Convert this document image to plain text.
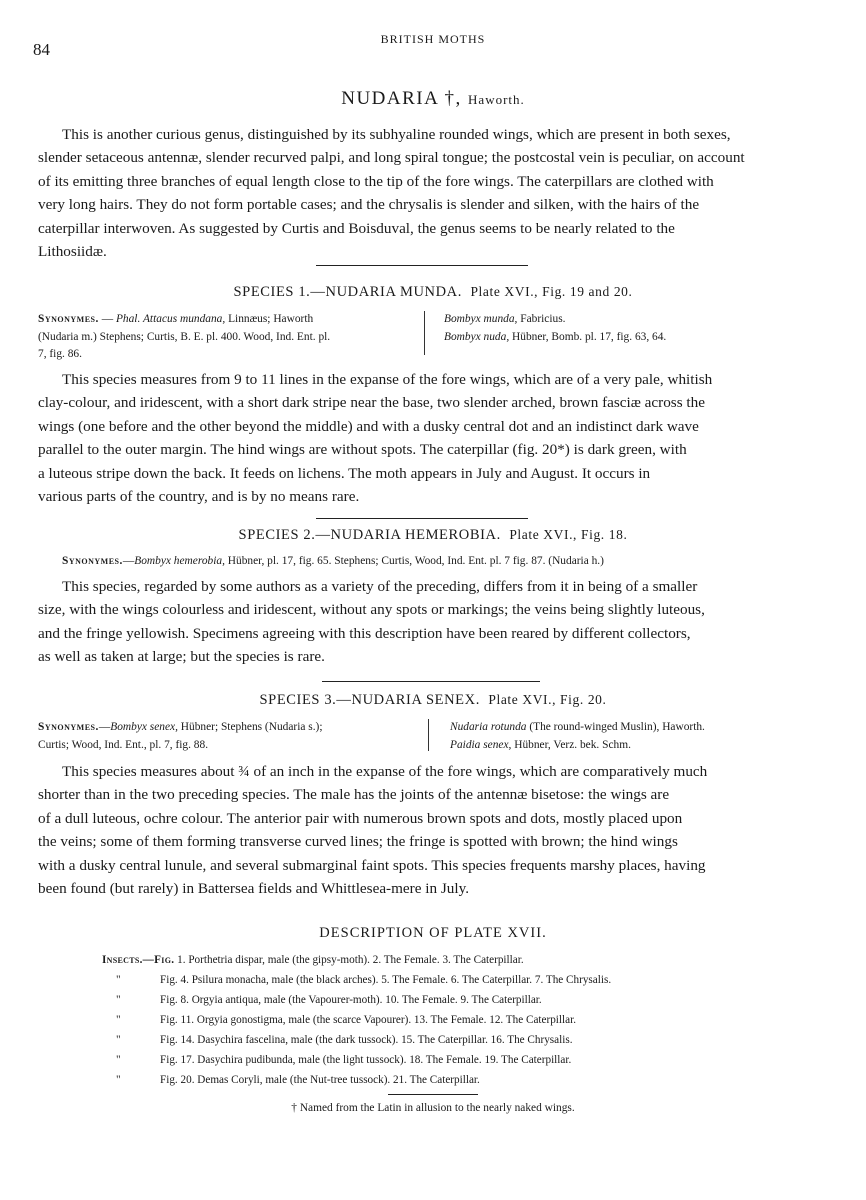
84
BRITISH MOTHS
NUDARIA †, Haworth.
This is another curious genus, distinguished by its subhyaline rounded wings, which are present in both sexes,
slender setaceous antennæ, slender recurved palpi, and long spiral tongue; the postcostal vein is peculiar, on account
of its emitting three branches of equal length close to the tip of the fore wings. The caterpillars are clothed with
very long hairs. They do not form portable cases; and the chrysalis is slender and silken, with the hairs of the
caterpillar interwoven. As suggested by Curtis and Boisduval, the genus seems to be nearly related to the
Lithosiidæ.
SPECIES 1.—NUDARIA MUNDA. Plate XVI., Fig. 19 and 20.
Synonymes. — Phal. Attacus mundana, Linnæus; Haworth
(Nudaria m.) Stephens; Curtis, B. E. pl. 400. Wood, Ind. Ent. pl.
7, fig. 86.
Bombyx munda, Fabricius.
Bombyx nuda, Hübner, Bomb. pl. 17, fig. 63, 64.
This species measures from 9 to 11 lines in the expanse of the fore wings, which are of a very pale, whitish
clay-colour, and iridescent, with a short dark stripe near the base, two slender arched, brown fasciæ across the
wings (one before and the other beyond the middle) and with a dusky central dot and an indistinct dark wave
parallel to the outer margin. The hind wings are without spots. The caterpillar (fig. 20*) is dark green, with
a luteous stripe down the back. It feeds on lichens. The moth appears in July and August. It occurs in
various parts of the country, and is by no means rare.
SPECIES 2.—NUDARIA HEMEROBIA. Plate XVI., Fig. 18.
Synonymes.—Bombyx hemerobia, Hübner, pl. 17, fig. 65. Stephens; Curtis, Wood, Ind. Ent. pl. 7 fig. 87. (Nudaria h.)
This species, regarded by some authors as a variety of the preceding, differs from it in being of a smaller
size, with the wings colourless and iridescent, without any spots or markings; the veins being slightly luteous,
and the fringe yellowish. Specimens agreeing with this description have been reared by different collectors,
as well as taken at large; but the species is rare.
SPECIES 3.—NUDARIA SENEX. Plate XVI., Fig. 20.
Synonymes.—Bombyx senex, Hübner; Stephens (Nudaria s.);
Curtis; Wood, Ind. Ent., pl. 7, fig. 88.
Nudaria rotunda (The round-winged Muslin), Haworth.
Paidia senex, Hübner, Verz. bek. Schm.
This species measures about ¾ of an inch in the expanse of the fore wings, which are comparatively much
shorter than in the two preceding species. The male has the joints of the antennæ bisetose: the wings are
of a dull luteous, ochre colour. The anterior pair with numerous brown spots and dots, mostly placed upon
the veins; some of them forming transverse curved lines; the fringe is spotted with brown; the hind wings
with a dusky central lunule, and several submarginal faint spots. This species frequents marshy places, having
been found (but rarely) in Battersea fields and Whittlesea-mere in July.
DESCRIPTION OF PLATE XVII.
Insects.—Fig. 1. Porthetria dispar, male (the gipsy-moth). 2. The Female. 3. The Caterpillar.
"	Fig. 4. Psilura monacha, male (the black arches). 5. The Female. 6. The Caterpillar. 7. The Chrysalis.
"	Fig. 8. Orgyia antiqua, male (the Vapourer-moth). 10. The Female. 9. The Caterpillar.
"	Fig. 11. Orgyia gonostigma, male (the scarce Vapourer). 13. The Female. 12. The Caterpillar.
"	Fig. 14. Dasychira fascelina, male (the dark tussock). 15. The Caterpillar. 16. The Chrysalis.
"	Fig. 17. Dasychira pudibunda, male (the light tussock). 18. The Female. 19. The Caterpillar.
"	Fig. 20. Demas Coryli, male (the Nut-tree tussock). 21. The Caterpillar.
† Named from the Latin in allusion to the nearly naked wings.
